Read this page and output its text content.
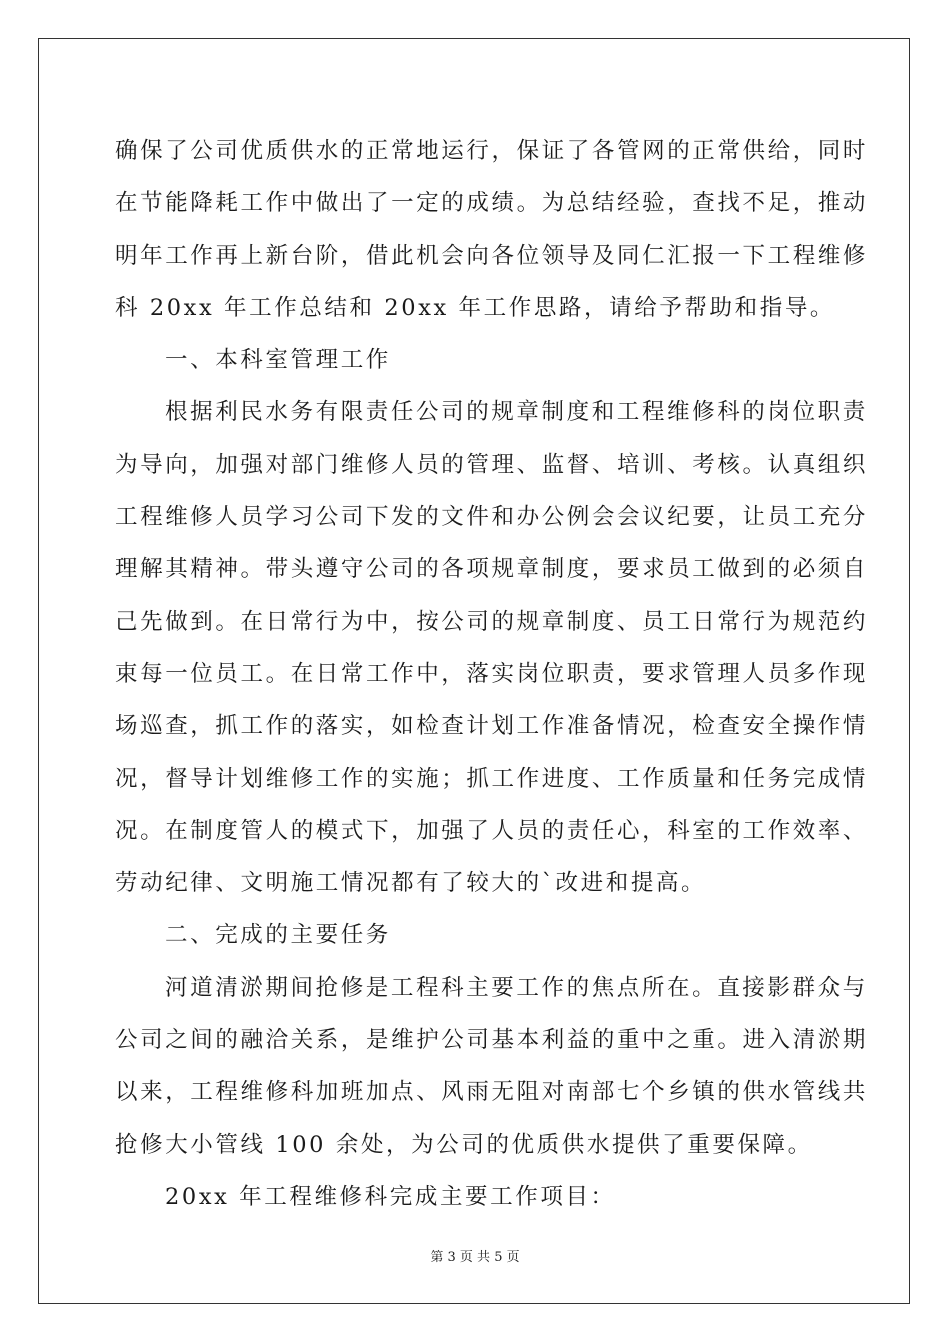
确保了公司优质供水的正常地运行，保证了各管网的正常供给，同时
在节能降耗工作中做出了一定的成绩。为总结经验，查找不足，推动
明年工作再上新台阶，借此机会向各位领导及同仁汇报一下工程维修
科 20xx 年工作总结和 20xx 年工作思路，请给予帮助和指导。
一、本科室管理工作
根据利民水务有限责任公司的规章制度和工程维修科的岗位职责
为导向，加强对部门维修人员的管理、监督、培训、考核。认真组织
工程维修人员学习公司下发的文件和办公例会会议纪要，让员工充分
理解其精神。带头遵守公司的各项规章制度，要求员工做到的必须自
己先做到。在日常行为中，按公司的规章制度、员工日常行为规范约
束每一位员工。在日常工作中，落实岗位职责，要求管理人员多作现
场巡查，抓工作的落实，如检查计划工作准备情况，检查安全操作情
况，督导计划维修工作的实施；抓工作进度、工作质量和任务完成情
况。在制度管人的模式下，加强了人员的责任心，科室的工作效率、
劳动纪律、文明施工情况都有了较大的`改进和提高。
二、完成的主要任务
河道清淤期间抢修是工程科主要工作的焦点所在。直接影群众与
公司之间的融洽关系，是维护公司基本利益的重中之重。进入清淤期
以来，工程维修科加班加点、风雨无阻对南部七个乡镇的供水管线共
抢修大小管线 100 余处，为公司的优质供水提供了重要保障。
20xx 年工程维修科完成主要工作项目：
第 3 页 共 5 页
